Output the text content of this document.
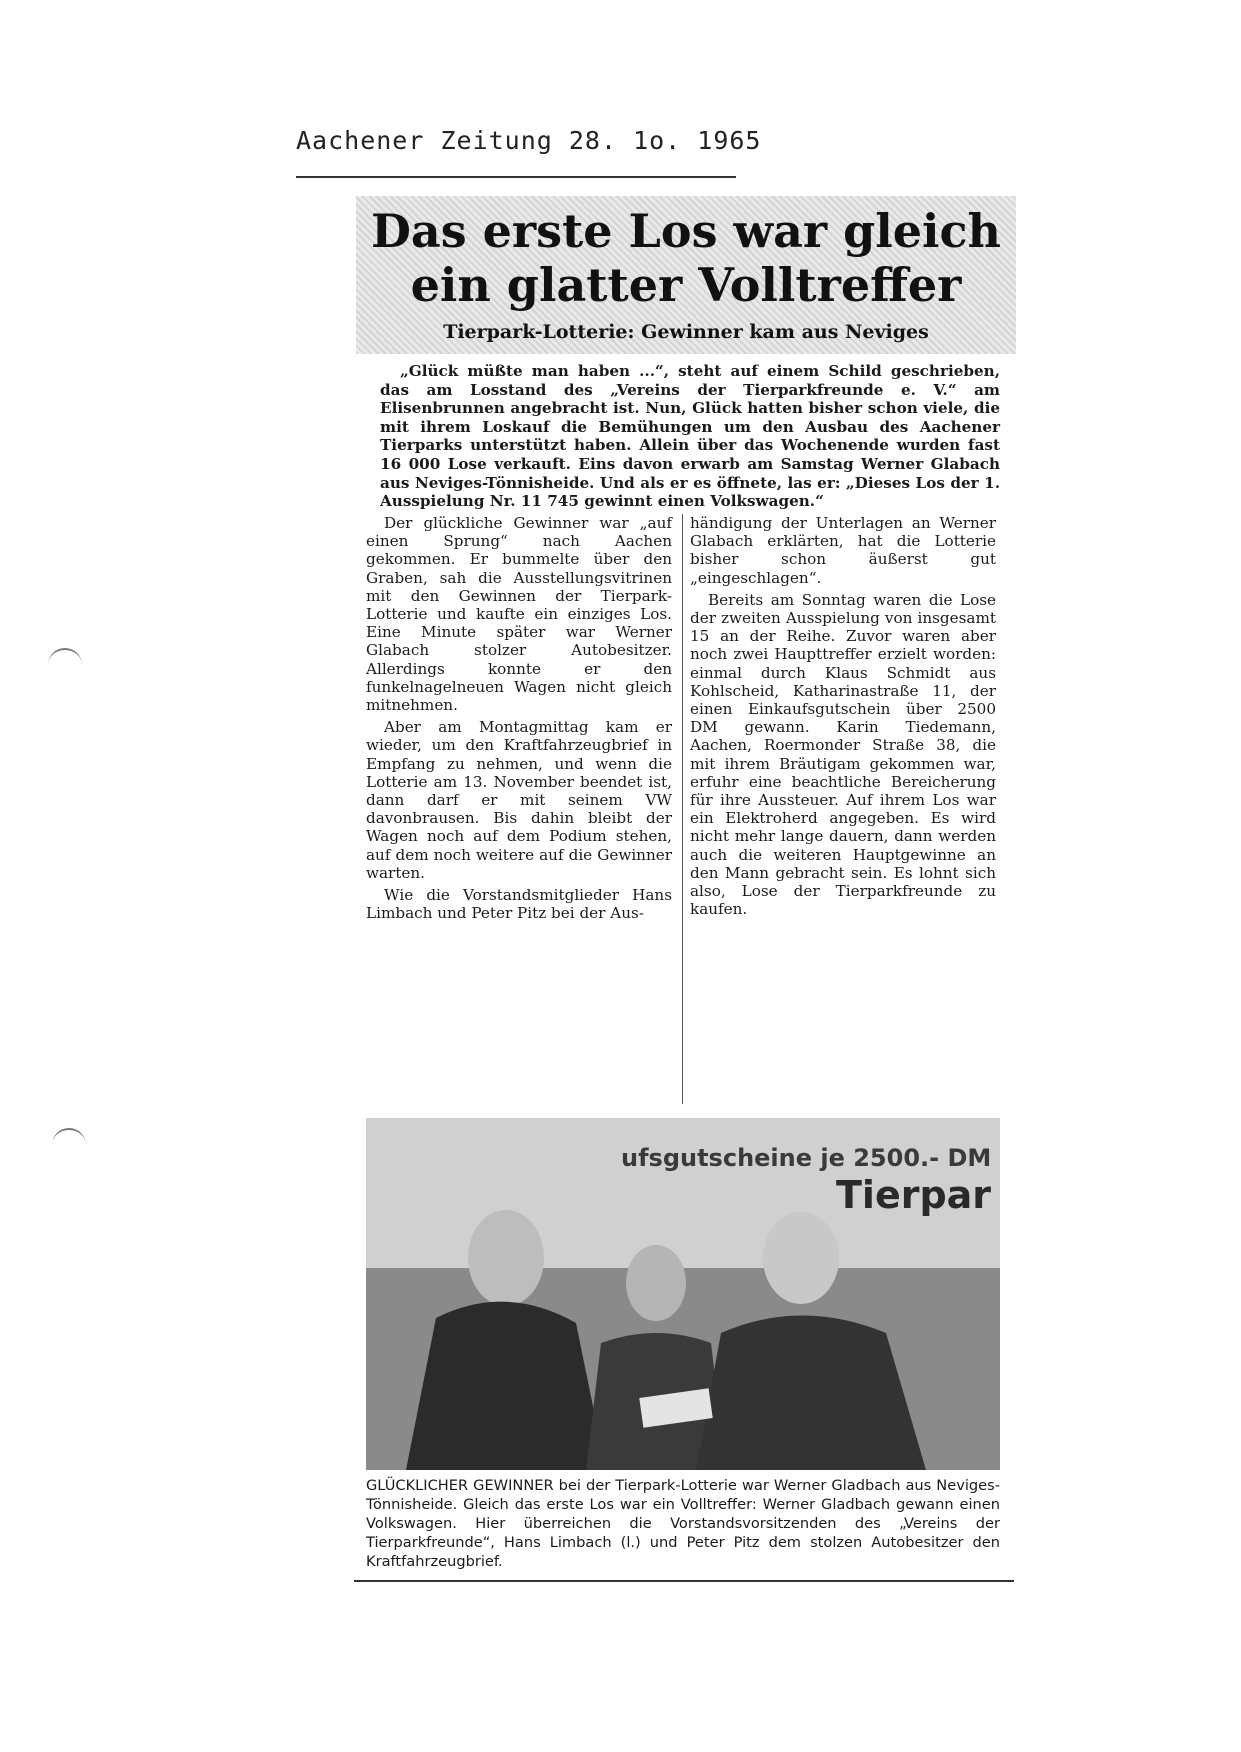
Aachener Zeitung 28. 1o. 1965
Das erste Los war gleich
ein glatter Volltreffer
Tierpark-Lotterie: Gewinner kam aus Neviges

„Glück müßte man haben ...“, steht auf einem Schild geschrieben, das am Losstand des „Vereins der Tierparkfreunde e. V.“ am Elisenbrunnen angebracht ist. Nun, Glück hatten bisher schon viele, die mit ihrem Loskauf die Bemühungen um den Ausbau des Aachener Tierparks unterstützt haben. Allein über das Wochenende wurden fast 16 000 Lose verkauft. Eins davon erwarb am Samstag Werner Glabach aus Neviges-Tönnisheide. Und als er es öffnete, las er: „Dieses Los der 1. Ausspielung Nr. 11 745 gewinnt einen Volkswagen.“

Der glückliche Gewinner war „auf einen Sprung“ nach Aachen gekommen. Er bummelte über den Graben, sah die Ausstellungsvitrinen mit den Gewinnen der Tierpark-Lotterie und kaufte ein einziges Los. Eine Minute später war Werner Glabach stolzer Autobesitzer. Allerdings konnte er den funkelnagelneuen Wagen nicht gleich mitnehmen.

Aber am Montagmittag kam er wieder, um den Kraftfahrzeugbrief in Empfang zu nehmen, und wenn die Lotterie am 13. November beendet ist, dann darf er mit seinem VW davonbrausen. Bis dahin bleibt der Wagen noch auf dem Podium stehen, auf dem noch weitere auf die Gewinner warten.

Wie die Vorstandsmitglieder Hans Limbach und Peter Pitz bei der Aus-

händigung der Unterlagen an Werner Glabach erklärten, hat die Lotterie bisher schon äußerst gut „eingeschlagen“.

Bereits am Sonntag waren die Lose der zweiten Ausspielung von insgesamt 15 an der Reihe. Zuvor waren aber noch zwei Haupttreffer erzielt worden: einmal durch Klaus Schmidt aus Kohlscheid, Katharinastraße 11, der einen Einkaufsgutschein über 2500 DM gewann. Karin Tiedemann, Aachen, Roermonder Straße 38, die mit ihrem Bräutigam gekommen war, erfuhr eine beachtliche Bereicherung für ihre Aussteuer. Auf ihrem Los war ein Elektroherd angegeben. Es wird nicht mehr lange dauern, dann werden auch die weiteren Hauptgewinne an den Mann gebracht sein. Es lohnt sich also, Lose der Tierparkfreunde zu kaufen.

ufsgutscheine je 2500.- DM
Tierpar

GLÜCKLICHER GEWINNER bei der Tierpark-Lotterie war Werner Gladbach aus Neviges-Tönnisheide. Gleich das erste Los war ein Volltreffer: Werner Gladbach gewann einen Volkswagen. Hier überreichen die Vorstandsvorsitzenden des „Vereins der Tierparkfreunde“, Hans Limbach (l.) und Peter Pitz dem stolzen Autobesitzer den Kraftfahrzeugbrief.
